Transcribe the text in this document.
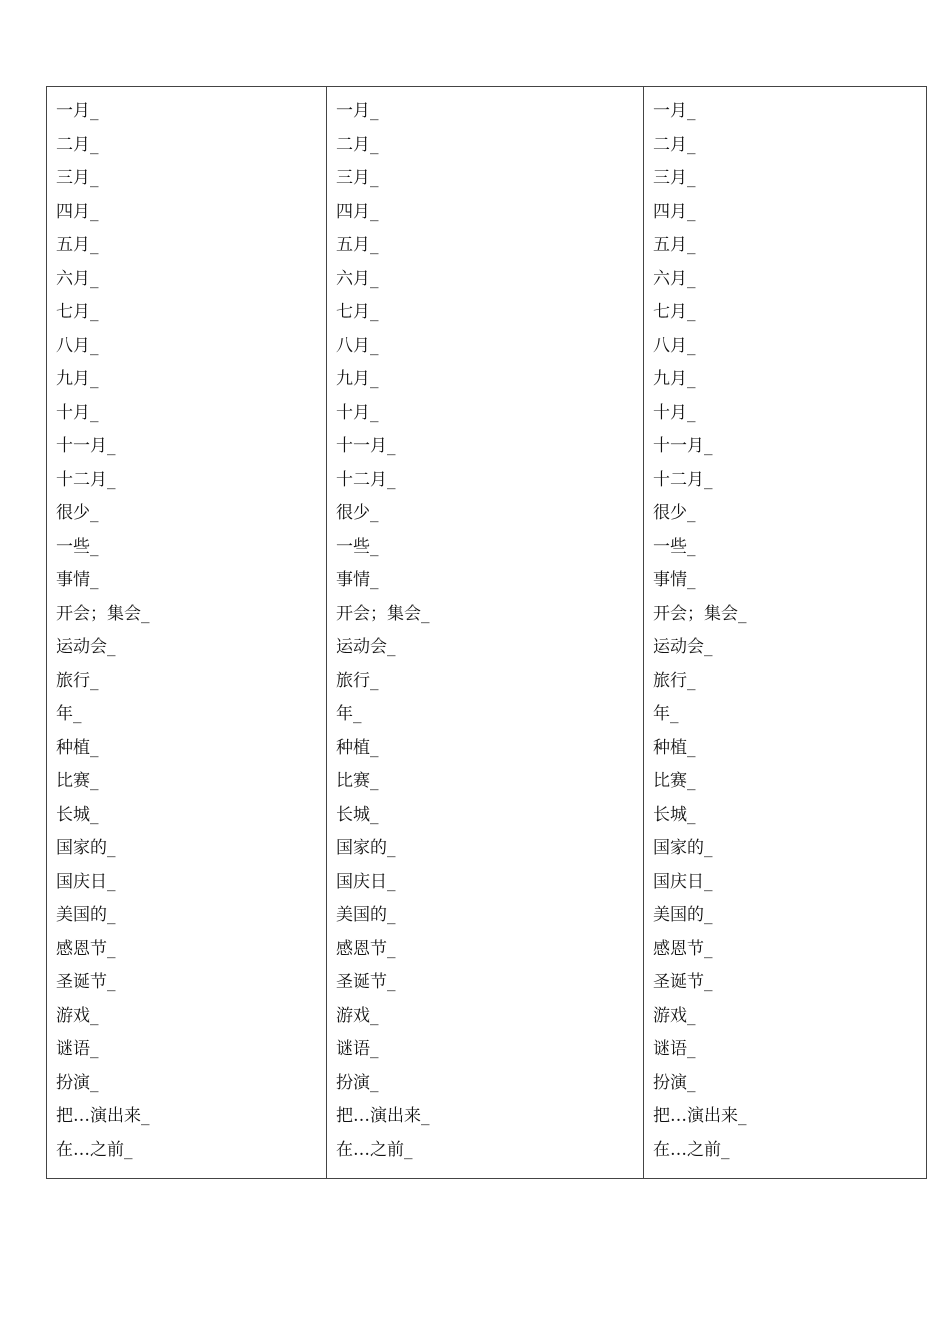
一月_
二月_
三月_
四月_
五月_
六月_
七月_
八月_
九月_
十月_
十一月_
十二月_
很少_
一些_
事情_
开会；集会_
运动会_
旅行_
年_
种植_
比赛_
长城_
国家的_
国庆日_
美国的_
感恩节_
圣诞节_
游戏_
谜语_
扮演_
把…演出来_
在…之前_
一月_
二月_
三月_
四月_
五月_
六月_
七月_
八月_
九月_
十月_
十一月_
十二月_
很少_
一些_
事情_
开会；集会_
运动会_
旅行_
年_
种植_
比赛_
长城_
国家的_
国庆日_
美国的_
感恩节_
圣诞节_
游戏_
谜语_
扮演_
把…演出来_
在…之前_
一月_
二月_
三月_
四月_
五月_
六月_
七月_
八月_
九月_
十月_
十一月_
十二月_
很少_
一些_
事情_
开会；集会_
运动会_
旅行_
年_
种植_
比赛_
长城_
国家的_
国庆日_
美国的_
感恩节_
圣诞节_
游戏_
谜语_
扮演_
把…演出来_
在…之前_
